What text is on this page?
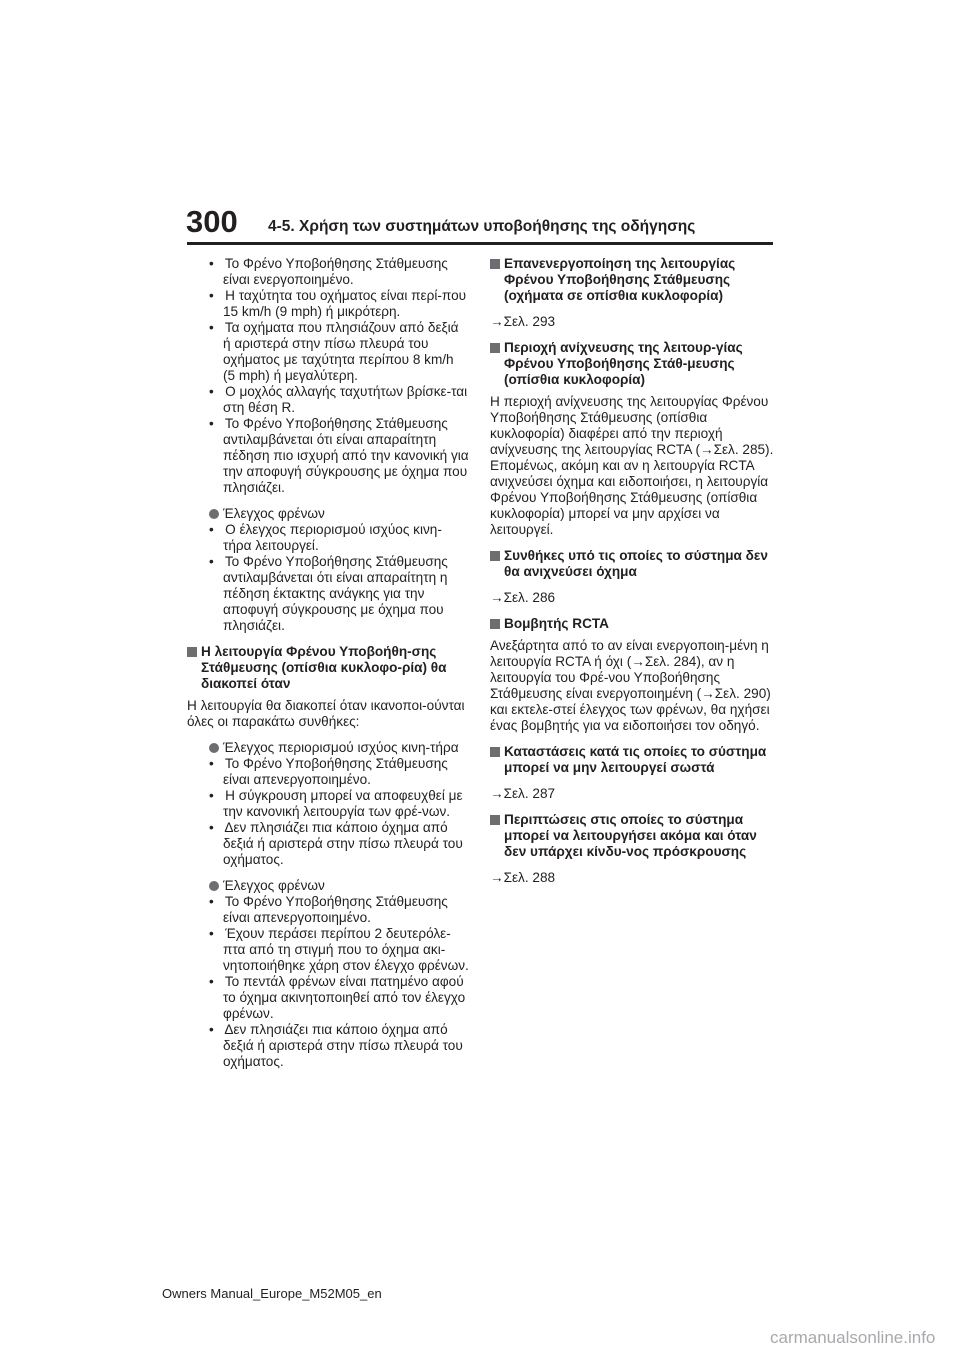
300 4-5. Χρήση των συστημάτων υποβοήθησης της οδήγησης

•   Το Φρένο Υποβοήθησης Στάθμευσης είναι ενεργοποιημένο.

•   Η ταχύτητα του οχήματος είναι περί-που 15 km/h (9 mph) ή μικρότερη.

•   Τα οχήματα που πλησιάζουν από δεξιά ή αριστερά στην πίσω πλευρά του οχήματος με ταχύτητα περίπου 8 km/h (5 mph) ή μεγαλύτερη.

•   Ο μοχλός αλλαγής ταχυτήτων βρίσκε-ται στη θέση R.

•   Το Φρένο Υποβοήθησης Στάθμευσης αντιλαμβάνεται ότι είναι απαραίτητη πέδηση πιο ισχυρή από την κανονική για την αποφυγή σύγκρουσης με όχημα που πλησιάζει.

Έλεγχος φρένων

•   Ο έλεγχος περιορισμού ισχύος κινη-τήρα λειτουργεί.

•   Το Φρένο Υποβοήθησης Στάθμευσης αντιλαμβάνεται ότι είναι απαραίτητη η πέδηση έκτακτης ανάγκης για την αποφυγή σύγκρουσης με όχημα που πλησιάζει.

Η λειτουργία Φρένου Υποβοήθη-σης Στάθμευσης (οπίσθια κυκλοφο-ρία) θα διακοπεί όταν

Η λειτουργία θα διακοπεί όταν ικανοποι-ούνται όλες οι παρακάτω συνθήκες:

Έλεγχος περιορισμού ισχύος κινη-τήρα

•   Το Φρένο Υποβοήθησης Στάθμευσης είναι απενεργοποιημένο.

•   Η σύγκρουση μπορεί να αποφευχθεί με την κανονική λειτουργία των φρέ-νων.

•   Δεν πλησιάζει πια κάποιο όχημα από δεξιά ή αριστερά στην πίσω πλευρά του οχήματος.

Έλεγχος φρένων

•   Το Φρένο Υποβοήθησης Στάθμευσης είναι απενεργοποιημένο.

•   Έχουν περάσει περίπου 2 δευτερόλε-πτα από τη στιγμή που το όχημα ακι-νητοποιήθηκε χάρη στον έλεγχο φρένων.

•   Το πεντάλ φρένων είναι πατημένο αφού το όχημα ακινητοποιηθεί από τον έλεγχο φρένων.

•   Δεν πλησιάζει πια κάποιο όχημα από δεξιά ή αριστερά στην πίσω πλευρά του οχήματος.

Επανενεργοποίηση της λειτουργίας Φρένου Υποβοήθησης Στάθμευσης (οχήματα σε οπίσθια κυκλοφορία)

→Σελ. 293

Περιοχή ανίχνευσης της λειτουρ-γίας Φρένου Υποβοήθησης Στάθ-μευσης (οπίσθια κυκλοφορία)

Η περιοχή ανίχνευσης της λειτουργίας Φρένου Υποβοήθησης Στάθμευσης (οπίσθια κυκλοφορία) διαφέρει από την περιοχή ανίχνευσης της λειτουργίας RCTA (→Σελ. 285). Επομένως, ακόμη και αν η λειτουργία RCTA ανιχνεύσει όχημα και ειδοποιήσει, η λειτουργία Φρένου Υποβοήθησης Στάθμευσης (οπίσθια κυκλοφορία) μπορεί να μην αρχίσει να λειτουργεί.

Συνθήκες υπό τις οποίες το σύστημα δεν θα ανιχνεύσει όχημα

→Σελ. 286

Βομβητής RCTA

Ανεξάρτητα από το αν είναι ενεργοποιη-μένη η λειτουργία RCTA ή όχι (→Σελ. 284), αν η λειτουργία του Φρέ-νου Υποβοήθησης Στάθμευσης είναι ενεργοποιημένη (→Σελ. 290) και εκτελε-στεί έλεγχος των φρένων, θα ηχήσει ένας βομβητής για να ειδοποιήσει τον οδηγό.

Καταστάσεις κατά τις οποίες το σύστημα μπορεί να μην λειτουργεί σωστά

→Σελ. 287

Περιπτώσεις στις οποίες το σύστημα μπορεί να λειτουργήσει ακόμα και όταν δεν υπάρχει κίνδυ-νος πρόσκρουσης

→Σελ. 288

Owners Manual_Europe_M52M05_en
carmanualsonline.info
